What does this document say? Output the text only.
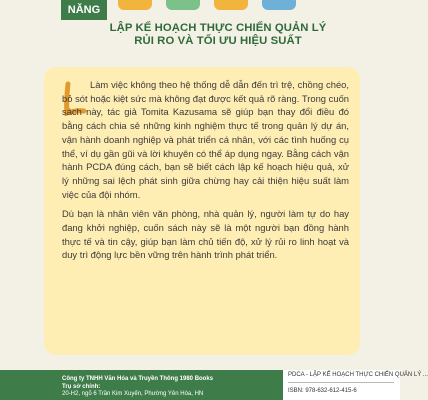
NĂNG
LẬP KẾ HOẠCH THỰC CHIẾN QUẢN LÝ
RỦI RO VÀ TỐI ƯU HIỆU SUẤT

Làm việc không theo hệ thống dễ dẫn đến trì trệ, chồng chéo, bỏ sót hoặc kiệt sức mà không đạt được kết quả rõ ràng. Trong cuốn sách này, tác giả Tomita Kazusama sẽ giúp bạn thay đổi điều đó bằng cách chia sẻ những kinh nghiệm thực tế trong quản lý dự án, vận hành doanh nghiệp và phát triển cá nhân, với các tình huống cụ thể, ví dụ gần gũi và lời khuyên có thể áp dụng ngay. Bằng cách vận hành PCDA đúng cách, bạn sẽ biết cách lập kế hoạch hiệu quả, xử lý những sai lệch phát sinh giữa chừng hay cải thiện hiệu suất làm việc của đội nhóm.

Dù bạn là nhân viên văn phòng, nhà quản lý, người làm tự do hay đang khởi nghiệp, cuốn sách này sẽ là một người bạn đồng hành thực tế và tin cậy, giúp bạn làm chủ tiến độ, xử lý rủi ro linh hoạt và duy trì động lực bền vững trên hành trình phát triển.

Công ty TNHH Văn Hóa và Truyền Thông 1980 Books
Trụ sở chính:
20-H2, ngõ 6 Trần Kim Xuyến, Phường Yên Hòa, HN
PDCA - LẬP KẾ HOẠCH THỰC CHIẾN QUẢN LÝ ...
ISBN: 978-632-612-415-6
